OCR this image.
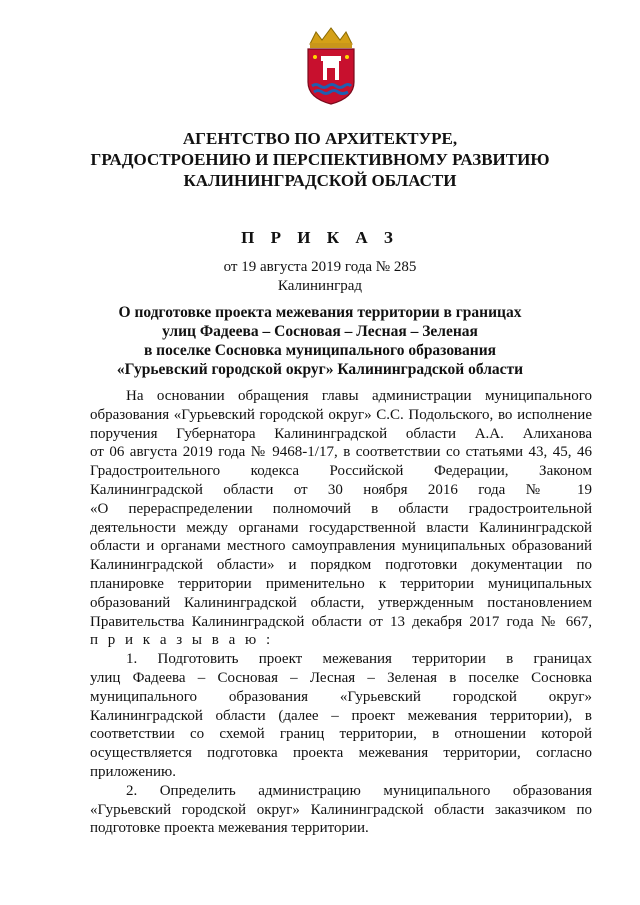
АГЕНТСТВО ПО АРХИТЕКТУРЕ,
ГРАДОСТРОЕНИЮ И ПЕРСПЕКТИВНОМУ РАЗВИТИЮ
КАЛИНИНГРАДСКОЙ ОБЛАСТИ
П Р И К А З
от 19 августа 2019 года № 285
Калининград
О подготовке проекта межевания территории в границах
улиц Фадеева – Сосновая – Лесная – Зеленая
в поселке Сосновка муниципального образования
«Гурьевский городской округ» Калининградской области

На основании обращения главы администрации муниципального
образования «Гурьевский городской округ» С.С. Подольского, во исполнение
поручения Губернатора Калининградской области А.А. Алиханова
от 06 августа 2019 года № 9468-1/17, в соответствии со статьями 43, 45, 46
Градостроительного кодекса Российской Федерации, Законом
Калининградской области от 30 ноября 2016 года № 19
«О перераспределении полномочий в области градостроительной
деятельности между органами государственной власти Калининградской
области и органами местного самоуправления муниципальных образований
Калининградской области» и порядком подготовки документации по
планировке территории применительно к территории муниципальных
образований Калининградской области, утвержденным постановлением
Правительства Калининградской области от 13 декабря 2017 года № 667,
п р и к а з ы в а ю :

1. Подготовить проект межевания территории в границах
улиц Фадеева – Сосновая – Лесная – Зеленая в поселке Сосновка
муниципального образования «Гурьевский городской округ»
Калининградской области (далее – проект межевания территории), в
соответствии со схемой границ территории, в отношении которой
осуществляется подготовка проекта межевания территории, согласно
приложению.

2. Определить администрацию муниципального образования
«Гурьевский городской округ» Калининградской области заказчиком по
подготовке проекта межевания территории.
